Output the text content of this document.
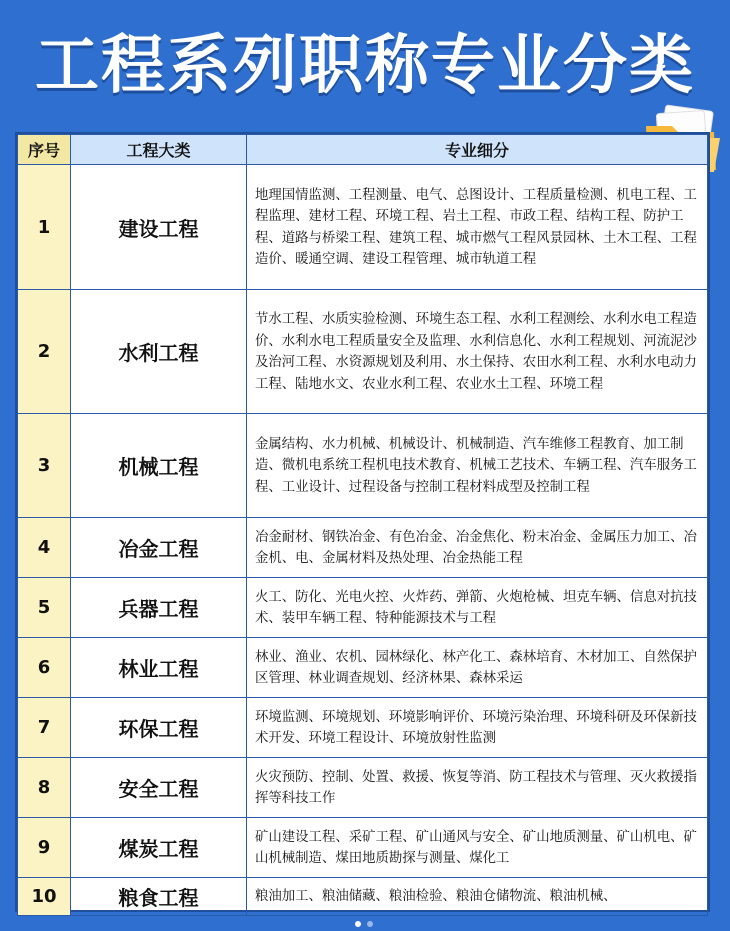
工程系列职称专业分类
序号	工程大类	专业细分
1	建设工程	地理国情监测、工程测量、电气、总图设计、工程质量检测、机电工程、工程监理、建材工程、环境工程、岩土工程、市政工程、结构工程、防护工程、道路与桥梁工程、建筑工程、城市燃气工程风景园林、土木工程、工程造价、暖通空调、建设工程管理、城市轨道工程
2	水利工程	节水工程、水质实验检测、环境生态工程、水利工程测绘、水利水电工程造价、水利水电工程质量安全及监理、水利信息化、水利工程规划、河流泥沙及治河工程、水资源规划及利用、水土保持、农田水利工程、水利水电动力工程、陆地水文、农业水利工程、农业水土工程、环境工程
3	机械工程	金属结构、水力机械、机械设计、机械制造、汽车维修工程教育、加工制造、微机电系统工程机电技术教育、机械工艺技术、车辆工程、汽车服务工程、工业设计、过程设备与控制工程材料成型及控制工程
4	冶金工程	冶金耐材、钢铁冶金、有色冶金、冶金焦化、粉末冶金、金属压力加工、冶金机、电、金属材料及热处理、冶金热能工程
5	兵器工程	火工、防化、光电火控、火炸药、弹箭、火炮枪械、坦克车辆、信息对抗技术、装甲车辆工程、特种能源技术与工程
6	林业工程	林业、渔业、农机、园林绿化、林产化工、森林培育、木材加工、自然保护区管理、林业调查规划、经济林果、森林采运
7	环保工程	环境监测、环境规划、环境影响评价、环境污染治理、环境科研及环保新技术开发、环境工程设计、环境放射性监测
8	安全工程	火灾预防、控制、处置、救援、恢复等消、防工程技术与管理、灭火救援指挥等科技工作
9	煤炭工程	矿山建设工程、采矿工程、矿山通风与安全、矿山地质测量、矿山机电、矿山机械制造、煤田地质勘探与测量、煤化工
10	粮食工程	粮油加工、粮油储藏、粮油检验、粮油仓储物流、粮油机械、
